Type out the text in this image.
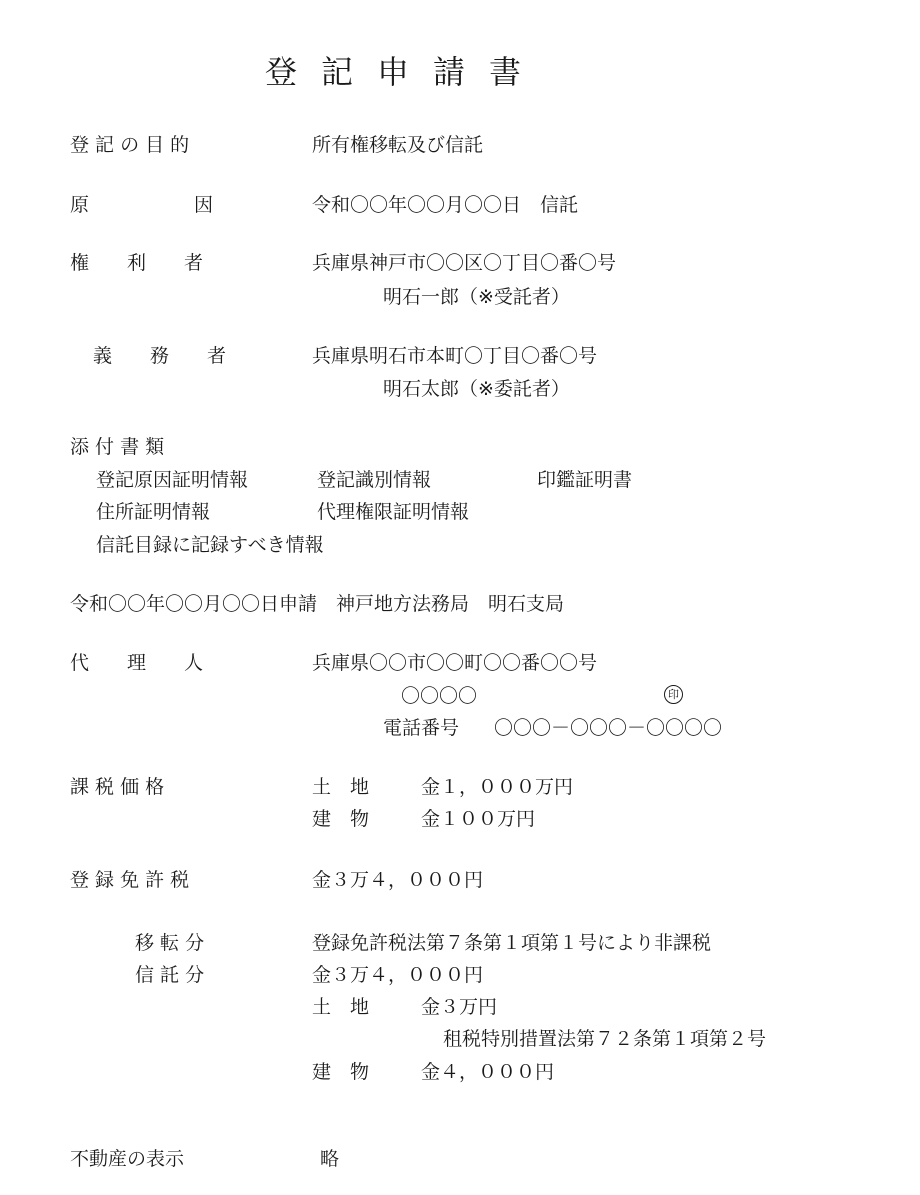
登記申請書
登 記 の 目 的	所有権移転及び信託
原	因	令和〇〇年〇〇月〇〇日　信託
権　　利　　者	兵庫県神戸市〇〇区〇丁目〇番〇号
明石一郎（※受託者）
義　　務　　者	兵庫県明石市本町〇丁目〇番〇号
明石太郎（※委託者）
添 付 書 類
登記原因証明情報	登記識別情報	印鑑証明書
住所証明情報	代理権限証明情報
信託目録に記録すべき情報
令和〇〇年〇〇月〇〇日申請　神戸地方法務局　明石支局
代　　理　　人	兵庫県〇〇市〇〇町〇〇番〇〇号
〇〇〇〇	印
電話番号 〇〇〇－〇〇〇－〇〇〇〇
課 税 価 格	土　地	金１，０００万円
建　物	金１００万円
登 録 免 許 税	金３万４，０００円
移 転 分	登録免許税法第７条第１項第１号により非課税
信 託 分	金３万４，０００円
土　地	金３万円
租税特別措置法第７２条第１項第２号
建　物	金４，０００円
不動産の表示	略
